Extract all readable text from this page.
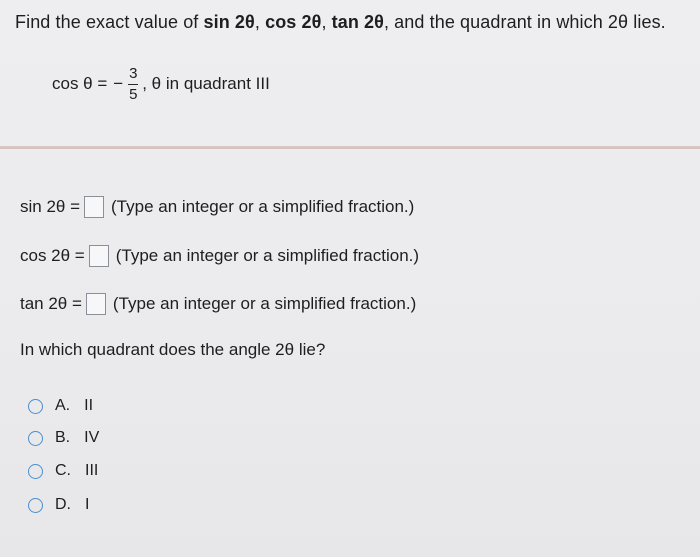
Find the exact value of sin 2θ, cos 2θ, tan 2θ, and the quadrant in which 2θ lies.
cos θ = − $\frac{3}{5}$ , θ in quadrant III
sin 2θ = (Type an integer or a simplified fraction.)
cos 2θ = (Type an integer or a simplified fraction.)
tan 2θ = (Type an integer or a simplified fraction.)
In which quadrant does the angle 2θ lie?
A. II
B. IV
C. III
D. I
